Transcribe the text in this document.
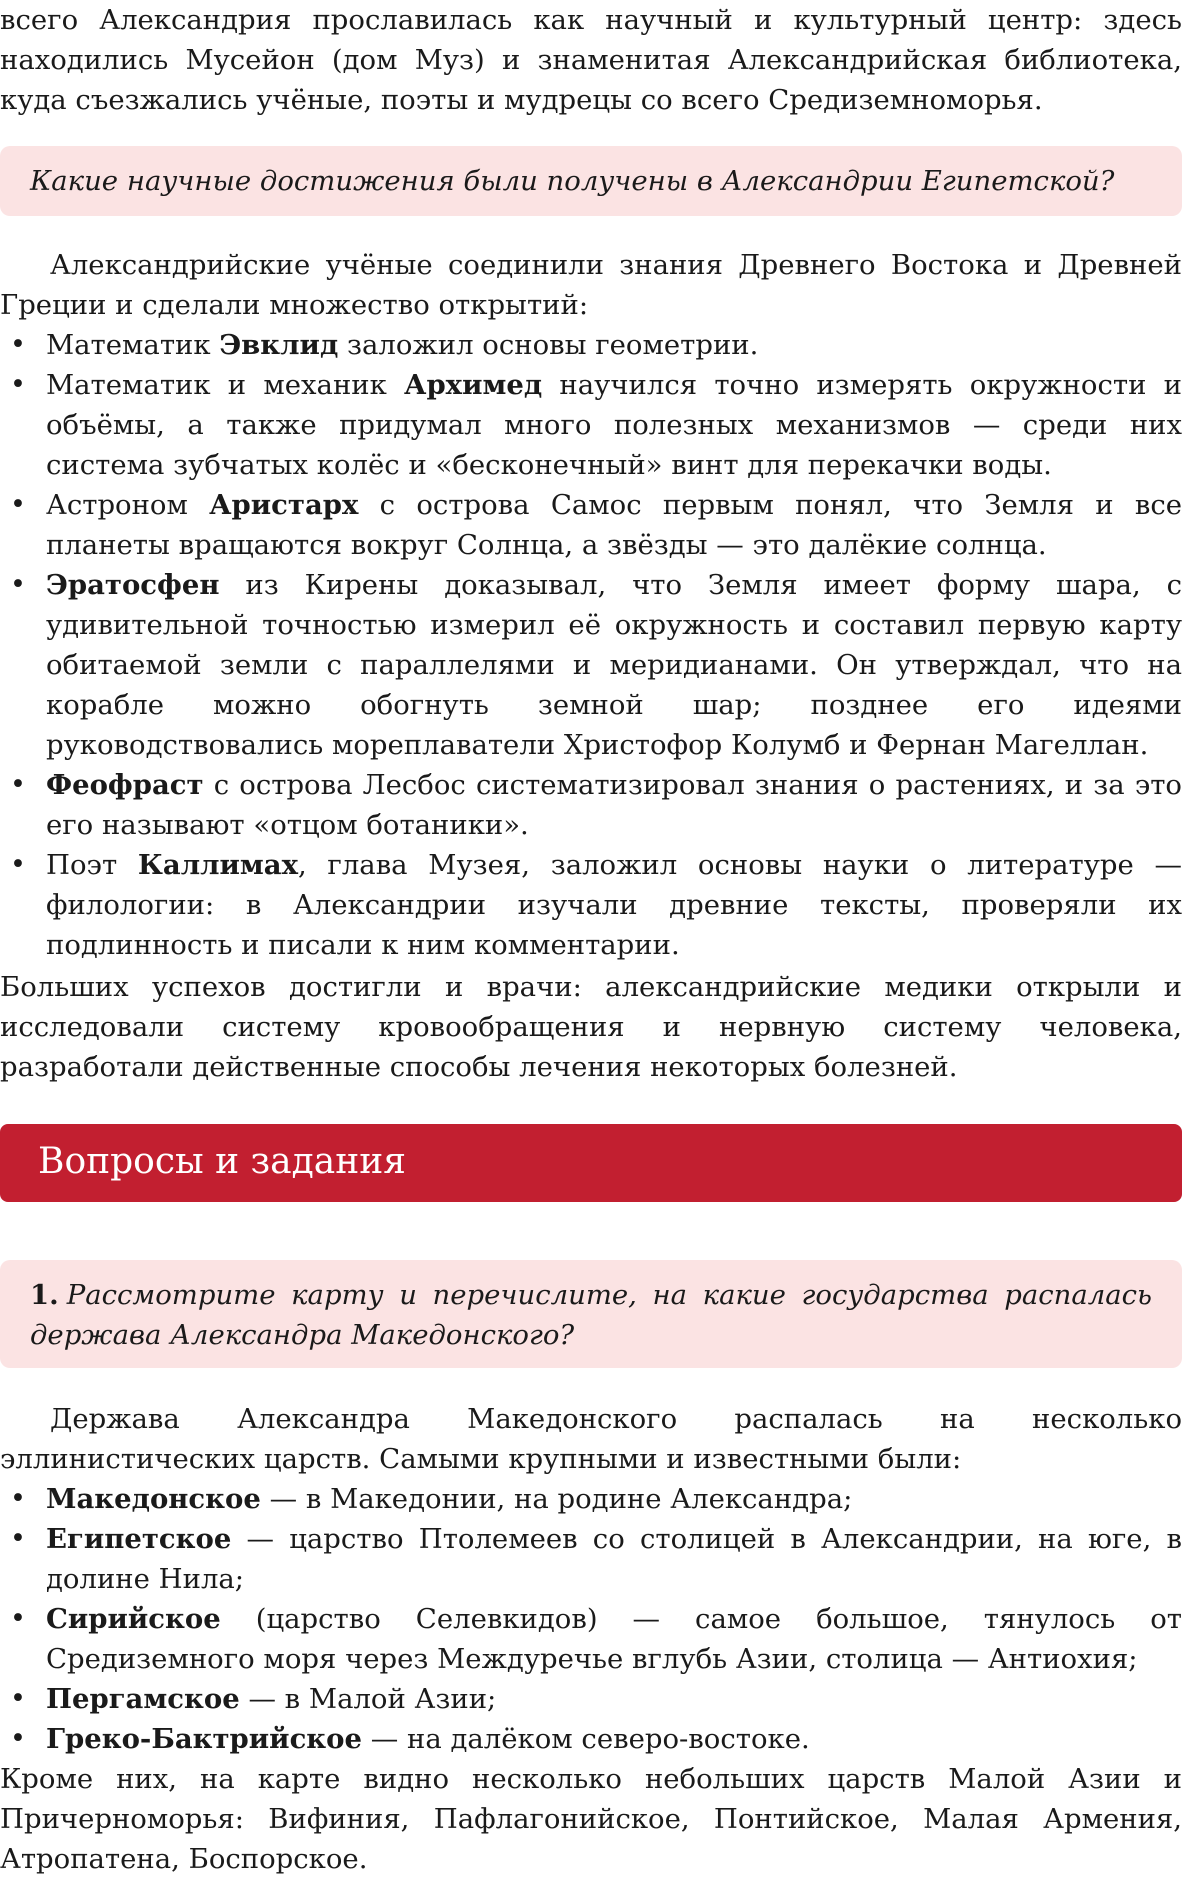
всего Александрия прославилась как научный и культурный центр: здесь находились Мусейон (дом Муз) и знаменитая Александрийская библиотека, куда съезжались учёные, поэты и мудрецы со всего Средиземноморья.

Какие научные достижения были получены в Александрии Египетской?

Александрийские учёные соединили знания Древнего Востока и Древней Греции и сделали множество открытий:

• Математик Эвклид заложил основы геометрии.
• Математик и механик Архимед научился точно измерять окружности и объёмы, а также придумал много полезных механизмов — среди них система зубчатых колёс и «бесконечный» винт для перекачки воды.
• Астроном Аристарх с острова Самос первым понял, что Земля и все планеты вращаются вокруг Солнца, а звёзды — это далёкие солнца.
• Эратосфен из Кирены доказывал, что Земля имеет форму шара, с удивительной точностью измерил её окружность и составил первую карту обитаемой земли с параллелями и меридианами. Он утверждал, что на корабле можно обогнуть земной шар; позднее его идеями руководствовались мореплаватели Христофор Колумб и Фернан Магеллан.
• Феофраст с острова Лесбос систематизировал знания о растениях, и за это его называют «отцом ботаники».
• Поэт Каллимах, глава Музея, заложил основы науки о литературе — филологии: в Александрии изучали древние тексты, проверяли их подлинность и писали к ним комментарии.

Больших успехов достигли и врачи: александрийские медики открыли и исследовали систему кровообращения и нервную систему человека, разработали действенные способы лечения некоторых болезней.

Вопросы и задания

1. Рассмотрите карту и перечислите, на какие государства распалась держава Александра Македонского?

Держава Александра Македонского распалась на несколько эллинистических царств. Самыми крупными и известными были:

• Македонское — в Македонии, на родине Александра;
• Египетское — царство Птолемеев со столицей в Александрии, на юге, в долине Нила;
• Сирийское (царство Селевкидов) — самое большое, тянулось от Средиземного моря через Междуречье вглубь Азии, столица — Антиохия;
• Пергамское — в Малой Азии;
• Греко-Бактрийское — на далёком северо-востоке.

Кроме них, на карте видно несколько небольших царств Малой Азии и Причерноморья: Вифиния, Пафлагонийское, Понтийское, Малая Армения, Атропатена, Боспорское.
